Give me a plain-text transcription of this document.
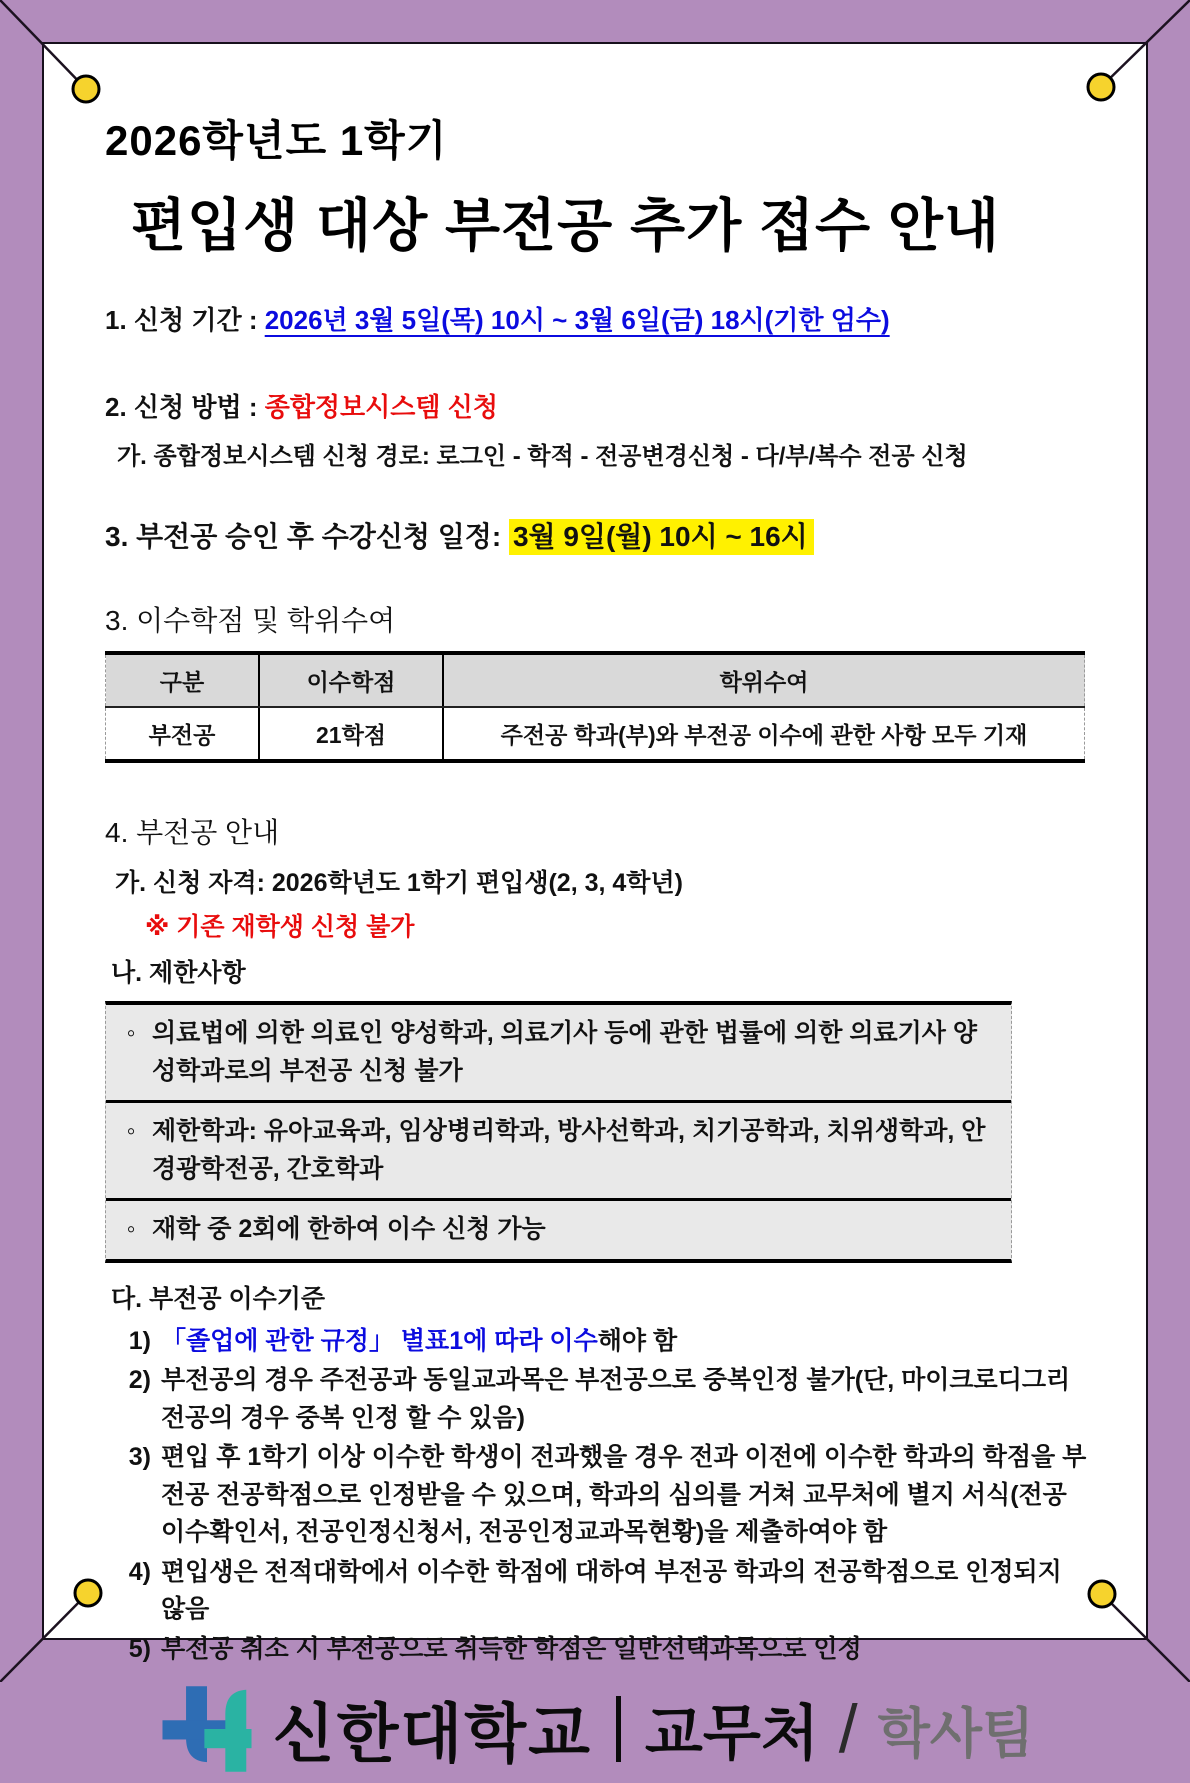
2026학년도 1학기
편입생 대상 부전공 추가 접수 안내
1. 신청 기간 : 2026년 3월 5일(목) 10시 ~ 3월 6일(금) 18시(기한 엄수)
2. 신청 방법 : 종합정보시스템 신청
가. 종합정보시스템 신청 경로: 로그인 - 학적 - 전공변경신청 - 다/부/복수 전공 신청
3. 부전공 승인 후 수강신청 일정: 3월 9일(월) 10시 ~ 16시
3. 이수학점 및 학위수여
구분	이수학점	학위수여
부전공	21학점	주전공 학과(부)와 부전공 이수에 관한 사항 모두 기재
4. 부전공 안내
가. 신청 자격: 2026학년도 1학기 편입생(2, 3, 4학년)
※ 기존 재학생 신청 불가
나. 제한사항
◦ 의료법에 의한 의료인 양성학과, 의료기사 등에 관한 법률에 의한 의료기사 양성학과로의 부전공 신청 불가
◦ 제한학과: 유아교육과, 임상병리학과, 방사선학과, 치기공학과, 치위생학과, 안경광학전공, 간호학과
◦ 재학 중 2회에 한하여 이수 신청 가능
다. 부전공 이수기준
1) 「졸업에 관한 규정」 별표1에 따라 이수해야 함
2) 부전공의 경우 주전공과 동일교과목은 부전공으로 중복인정 불가(단, 마이크로디그리전공의 경우 중복 인정 할 수 있음)
3) 편입 후 1학기 이상 이수한 학생이 전과했을 경우 전과 이전에 이수한 학과의 학점을 부전공 전공학점으로 인정받을 수 있으며, 학과의 심의를 거쳐 교무처에 별지 서식(전공이수확인서, 전공인정신청서, 전공인정교과목현황)을 제출하여야 함
4) 편입생은 전적대학에서 이수한 학점에 대하여 부전공 학과의 전공학점으로 인정되지 않음
5) 부전공 취소 시 부전공으로 취득한 학점은 일반선택과목으로 인정
신한대학교 교무처 / 학사팀
